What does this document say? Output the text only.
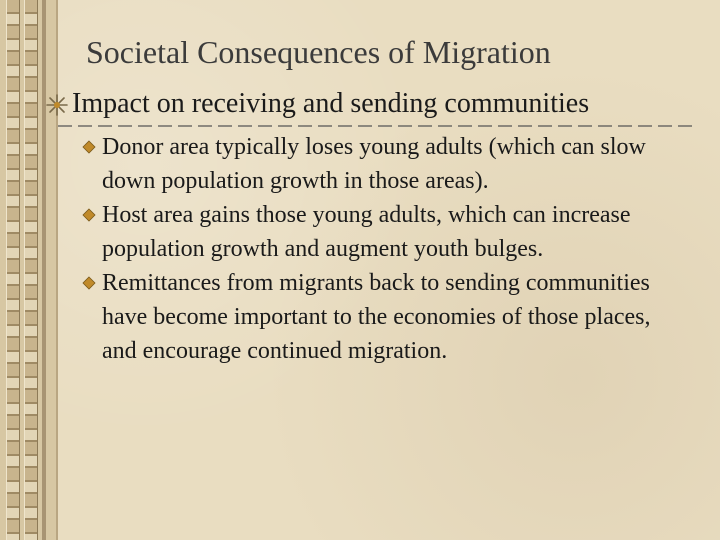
Societal Consequences of Migration
Impact on receiving and sending communities
Donor area typically loses young adults (which can slow down population growth in those areas).
Host area gains those young adults, which can increase population growth and augment youth bulges.
Remittances from migrants back to sending communities have become important to the economies of those places, and encourage continued migration.
